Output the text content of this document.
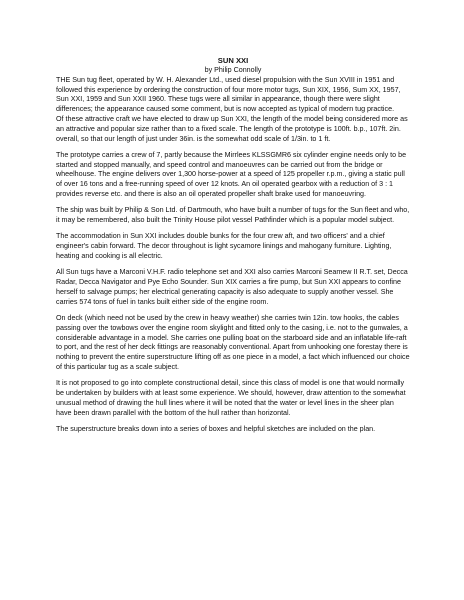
SUN XXI
by Philip Connolly

THE Sun tug fleet, operated by W. H. Alexander Ltd., used diesel propulsion with the Sun XVIII in 1951 and followed this experience by ordering the construction of four more motor tugs, Sun XIX, 1956, Sum XX, 1957, Sun XXI, 1959 and Sun XXII 1960. These tugs were all similar in appearance, though there were slight differences; the appearance caused some comment, but is now accepted as typical of modern tug practice.

Of these attractive craft we have elected to draw up Sun XXI, the length of the model being considered more as an attractive and popular size rather than to a fixed scale. The length of the prototype is 100ft. b.p., 107ft. 2in. overall, so that our length of just under 36in. is the somewhat odd scale of 1/3in. to 1 ft.

The prototype carries a crew of 7, partly because the Mirrlees KLSSGMR6 six cylinder engine needs only to be started and stopped manually, and speed control and manoeuvres can be carried out from the bridge or wheelhouse. The engine delivers over 1,300 horse-power at a speed of 125 propeller r.p.m., giving a static pull of over 16 tons and a free-running speed of over 12 knots. An oil operated gearbox with a reduction of 3 : 1 provides reverse etc. and there is also an oil operated propeller shaft brake used for manoeuvring.

The ship was built by Philip & Son Ltd. of Dartmouth, who have built a number of tugs for the Sun fleet and who, it may be remembered, also built the Trinity House pilot vessel Pathfinder which is a popular model subject.

The accommodation in Sun XXI includes double bunks for the four crew aft, and two officers' and a chief engineer's cabin forward. The decor throughout is light sycamore linings and mahogany furniture. Lighting, heating and cooking is all electric.

All Sun tugs have a Marconi V.H.F. radio telephone set and XXI also carries Marconi Seamew II R.T. set, Decca Radar, Decca Navigator and Pye Echo Sounder. Sun XIX carries a fire pump, but Sun XXI appears to confine herself to salvage pumps; her electrical generating capacity is also adequate to supply another vessel. She carries 574 tons of fuel in tanks built either side of the engine room.

On deck (which need not be used by the crew in heavy weather) she carries twin 12in. tow hooks, the cables passing over the towbows over the engine room skylight and fitted only to the casing, i.e. not to the gunwales, a considerable advantage in a model. She carries one pulling boat on the starboard side and an inflatable life-raft to port, and the rest of her deck fittings are reasonably conventional. Apart from unhooking one forestay there is nothing to prevent the entire superstructure lifting off as one piece in a model, a fact which influenced our choice of this particular tug as a scale subject.

It is not proposed to go into complete constructional detail, since this class of model is one that would normally be undertaken by builders with at least some experience. We should, however, draw attention to the somewhat unusual method of drawing the hull lines where it will be noted that the water or level lines in the sheer plan have been drawn parallel with the bottom of the hull rather than horizontal.

The superstructure breaks down into a series of boxes and helpful sketches are included on the plan.
